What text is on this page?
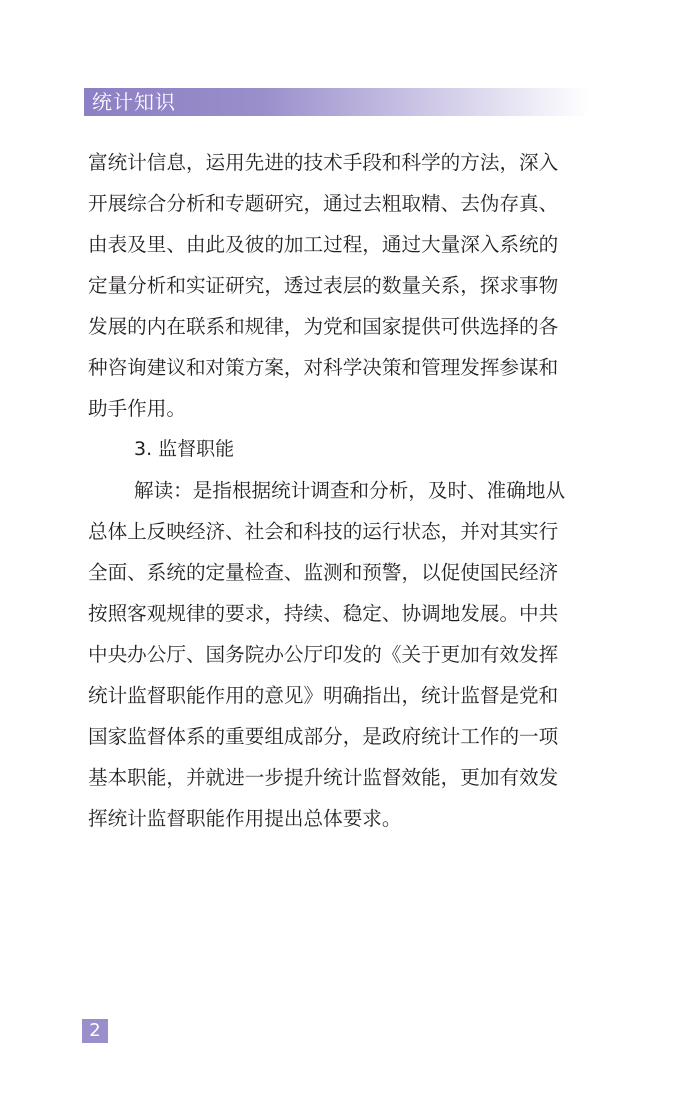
统计知识
富统计信息，运用先进的技术手段和科学的方法，深入
开展综合分析和专题研究，通过去粗取精、去伪存真、
由表及里、由此及彼的加工过程，通过大量深入系统的
定量分析和实证研究，透过表层的数量关系，探求事物
发展的内在联系和规律，为党和国家提供可供选择的各
种咨询建议和对策方案，对科学决策和管理发挥参谋和
助手作用。
3. 监督职能
解读：是指根据统计调查和分析，及时、准确地从
总体上反映经济、社会和科技的运行状态，并对其实行
全面、系统的定量检查、监测和预警，以促使国民经济
按照客观规律的要求，持续、稳定、协调地发展。中共
中央办公厅、国务院办公厅印发的《关于更加有效发挥
统计监督职能作用的意见》明确指出，统计监督是党和
国家监督体系的重要组成部分，是政府统计工作的一项
基本职能，并就进一步提升统计监督效能，更加有效发
挥统计监督职能作用提出总体要求。
2
